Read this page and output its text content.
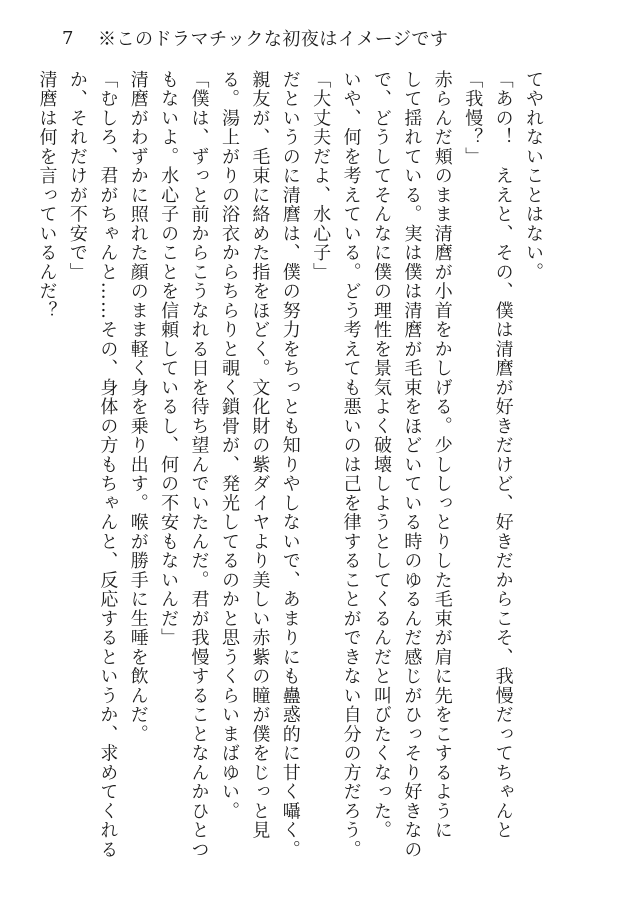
7 ※このドラマチックな初夜はイメージです
てやれないことはない。
「あの！　ええと、その、僕は清麿が好きだけど、好きだからこそ、我慢だってちゃんと
「我慢？」
赤らんだ頬のまま清麿が小首をかしげる。少ししっとりした毛束が肩に先をこするように
して揺れている。実は僕は清麿が毛束をほどいている時のゆるんだ感じがひっそり好きなの
で、どうしてそんなに僕の理性を景気よく破壊しようとしてくるんだと叫びたくなった。
いや、何を考えている。どう考えても悪いのは己を律することができない自分の方だろう。
「大丈夫だよ、水心子」
だというのに清麿は、僕の努力をちっとも知りやしないで、あまりにも蠱惑的に甘く囁く。
親友が、毛束に絡めた指をほどく。文化財の紫ダイヤより美しい赤紫の瞳が僕をじっと見
る。湯上がりの浴衣からちらりと覗く鎖骨が、発光してるのかと思うくらいまばゆい。
「僕は、ずっと前からこうなれる日を待ち望んでいたんだ。君が我慢することなんかひとつ
もないよ。水心子のことを信頼しているし、何の不安もないんだ」
清麿がわずかに照れた顔のまま軽く身を乗り出す。喉が勝手に生唾を飲んだ。
「むしろ、君がちゃんと……その、身体の方もちゃんと、反応するというか、求めてくれる
か、それだけが不安で」
清麿は何を言っているんだ？
